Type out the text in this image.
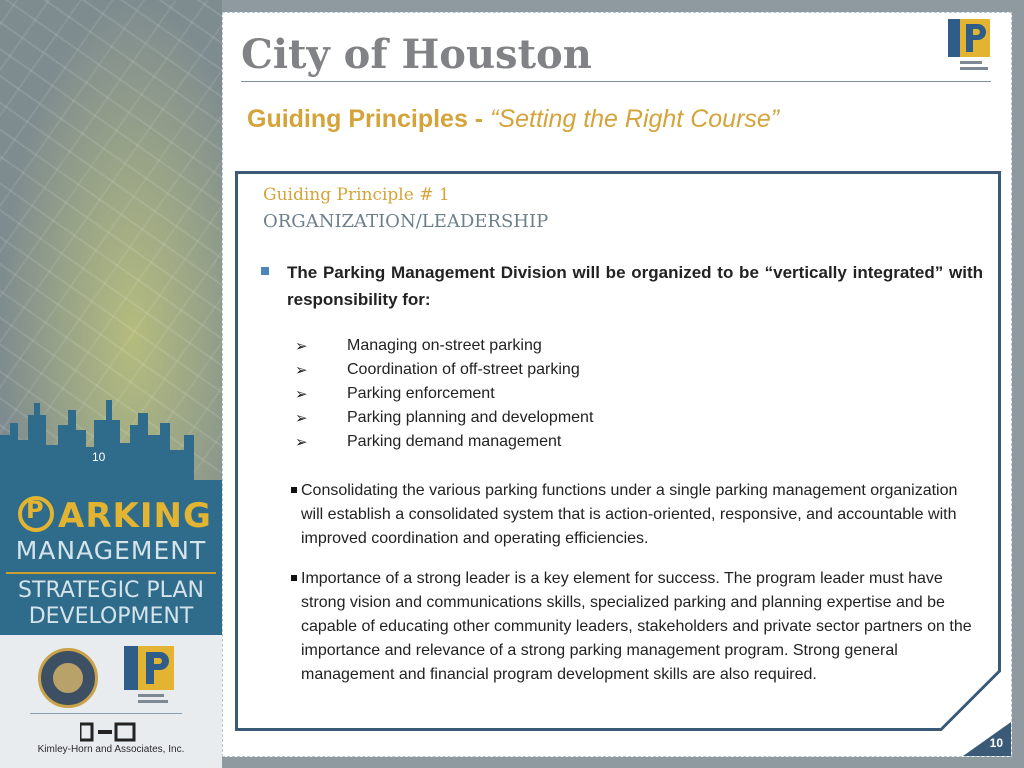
10
P ARKING
MANAGEMENT
STRATEGIC PLAN
DEVELOPMENT
Kimley-Horn and Associates, Inc.
City of Houston
Guiding Principles - “Setting the Right Course”
Guiding Principle # 1
ORGANIZATION/LEADERSHIP
The Parking Management Division will be organized to be “vertically integrated” with responsibility for:
➢ Managing on-street parking
➢ Coordination of off-street parking
➢ Parking enforcement
➢ Parking planning and development
➢ Parking demand management
Consolidating the various parking functions under a single parking management organization will establish a consolidated system that is action-oriented, responsive, and accountable with improved coordination and operating efficiencies.
Importance of a strong leader is a key element for success. The program leader must have strong vision and communications skills, specialized parking and planning expertise and be capable of educating other community leaders, stakeholders and private sector partners on the importance and relevance of a strong parking management program. Strong general management and financial program development skills are also required.
10
